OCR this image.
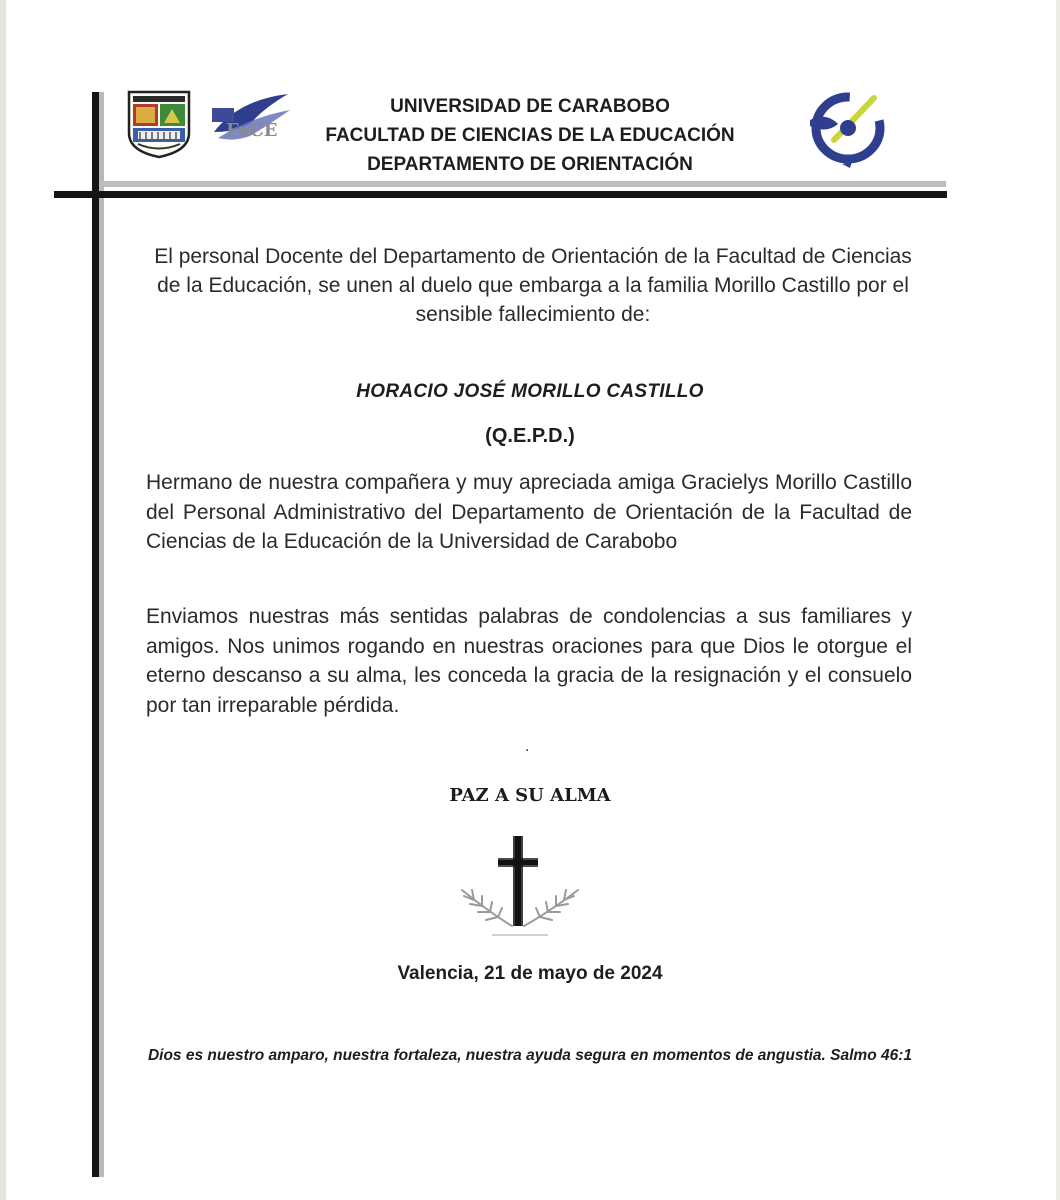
FaCE
UNIVERSIDAD DE CARABOBO
FACULTAD DE CIENCIAS DE LA EDUCACIÓN
DEPARTAMENTO DE ORIENTACIÓN
El personal Docente del Departamento de Orientación de la Facultad de Ciencias de la Educación, se unen al duelo que embarga a la familia Morillo Castillo por el sensible fallecimiento de:
HORACIO JOSÉ MORILLO CASTILLO
(Q.E.P.D.)
Hermano de nuestra compañera y muy apreciada amiga Gracielys Morillo Castillo del Personal Administrativo del Departamento de Orientación de la Facultad de Ciencias de la Educación de la Universidad de Carabobo
Enviamos nuestras más sentidas palabras de condolencias a sus familiares y amigos. Nos unimos rogando en nuestras oraciones para que Dios le otorgue el eterno descanso a su alma, les conceda la gracia de la resignación y el consuelo por tan irreparable pérdida.
.
PAZ A SU ALMA
Valencia, 21 de mayo de 2024
Dios es nuestro amparo, nuestra fortaleza, nuestra ayuda segura en momentos de angustia. Salmo 46:1
